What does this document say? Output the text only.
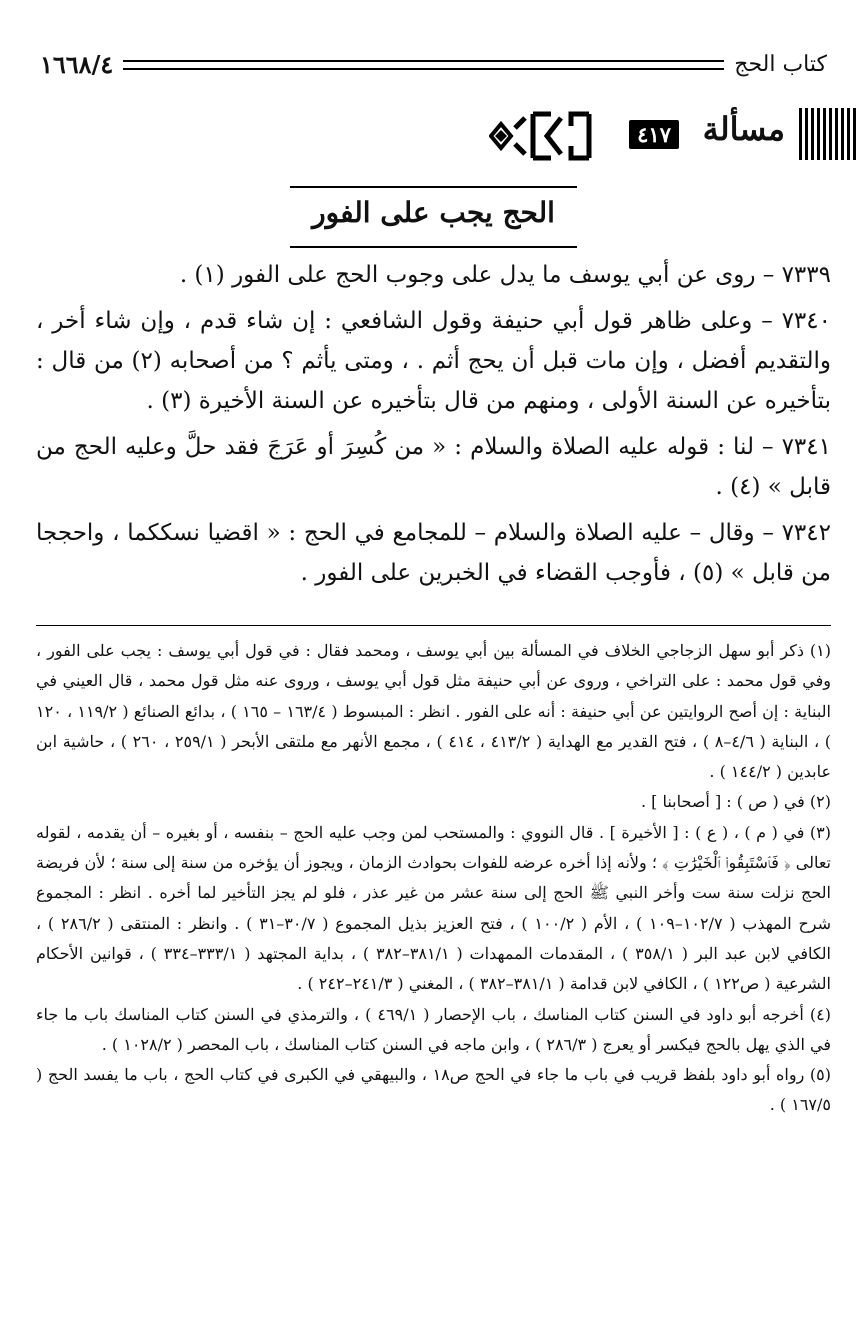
١٦٦٨/٤	كتاب الحج
مسألة
٤١٧
الحج يجب على الفور

٧٣٣٩ – روى عن أبي يوسف ما يدل على وجوب الحج على الفور (١) .

٧٣٤٠ – وعلى ظاهر قول أبي حنيفة وقول الشافعي : إن شاء قدم ، وإن شاء أخر ، والتقديم أفضل ، وإن مات قبل أن يحج أثم . ، ومتى يأثم ؟ من أصحابه (٢) من قال : بتأخيره عن السنة الأولى ، ومنهم من قال بتأخيره عن السنة الأخيرة (٣) .

٧٣٤١ – لنا : قوله عليه الصلاة والسلام : « من كُسِرَ أو عَرَجَ فقد حلَّ وعليه الحج من قابل » (٤) .

٧٣٤٢ – وقال – عليه الصلاة والسلام – للمجامع في الحج : « اقضيا نسككما ، واحججا من قابل » (٥) ، فأوجب القضاء في الخبرين على الفور .

(١) ذكر أبو سهل الزجاجي الخلاف في المسألة بين أبي يوسف ، ومحمد فقال : في قول أبي يوسف : يجب على الفور ، وفي قول محمد : على التراخي ، وروى عن أبي حنيفة مثل قول أبي يوسف ، وروى عنه مثل قول محمد ، قال العيني في البناية : إن أصح الروايتين عن أبي حنيفة : أنه على الفور . انظر : المبسوط ( ١٦٣/٤ – ١٦٥ ) ، بدائع الصنائع ( ١١٩/٢ ، ١٢٠ ) ، البناية ( ٤/٦–٨ ) ، فتح القدير مع الهداية ( ٤١٣/٢ ، ٤١٤ ) ، مجمع الأنهر مع ملتقى الأبحر ( ٢٥٩/١ ، ٢٦٠ ) ، حاشية ابن عابدين ( ١٤٤/٢ ) .

(٢) في ( ص ) : [ أصحابنا ] .

(٣) في ( م ) ، ( ع ) : [ الأخيرة ] . قال النووي : والمستحب لمن وجب عليه الحج – بنفسه ، أو بغيره – أن يقدمه ، لقوله تعالى ﴿ فَٱسْتَبِقُوا۟ ٱلْخَيْرَٰتِ ﴾ ؛ ولأنه إذا أخره عرضه للفوات بحوادث الزمان ، ويجوز أن يؤخره من سنة إلى سنة ؛ لأن فريضة الحج نزلت سنة ست وأخر النبي ﷺ الحج إلى سنة عشر من غير عذر ، فلو لم يجز التأخير لما أخره . انظر : المجموع شرح المهذب ( ١٠٢/٧–١٠٩ ) ، الأم ( ١٠٠/٢ ) ، فتح العزيز بذيل المجموع ( ٣٠/٧–٣١ ) . وانظر : المنتقى ( ٢٨٦/٢ ) ، الكافي لابن عبد البر ( ٣٥٨/١ ) ، المقدمات الممهدات ( ٣٨١/١–٣٨٢ ) ، بداية المجتهد ( ٣٣٣/١–٣٣٤ ) ، قوانين الأحكام الشرعية ( ص١٢٢ ) ، الكافي لابن قدامة ( ٣٨١/١–٣٨٢ ) ، المغني ( ٢٤١/٣–٢٤٢ ) .

(٤) أخرجه أبو داود في السنن كتاب المناسك ، باب الإحصار ( ٤٦٩/١ ) ، والترمذي في السنن كتاب المناسك باب ما جاء في الذي يهل بالحج فيكسر أو يعرج ( ٢٨٦/٣ ) ، وابن ماجه في السنن كتاب المناسك ، باب المحصر ( ١٠٢٨/٢ ) .

(٥) رواه أبو داود بلفظ قريب في باب ما جاء في الحج ص١٨ ، والبيهقي في الكبرى في كتاب الحج ، باب ما يفسد الحج ( ١٦٧/٥ ) .
